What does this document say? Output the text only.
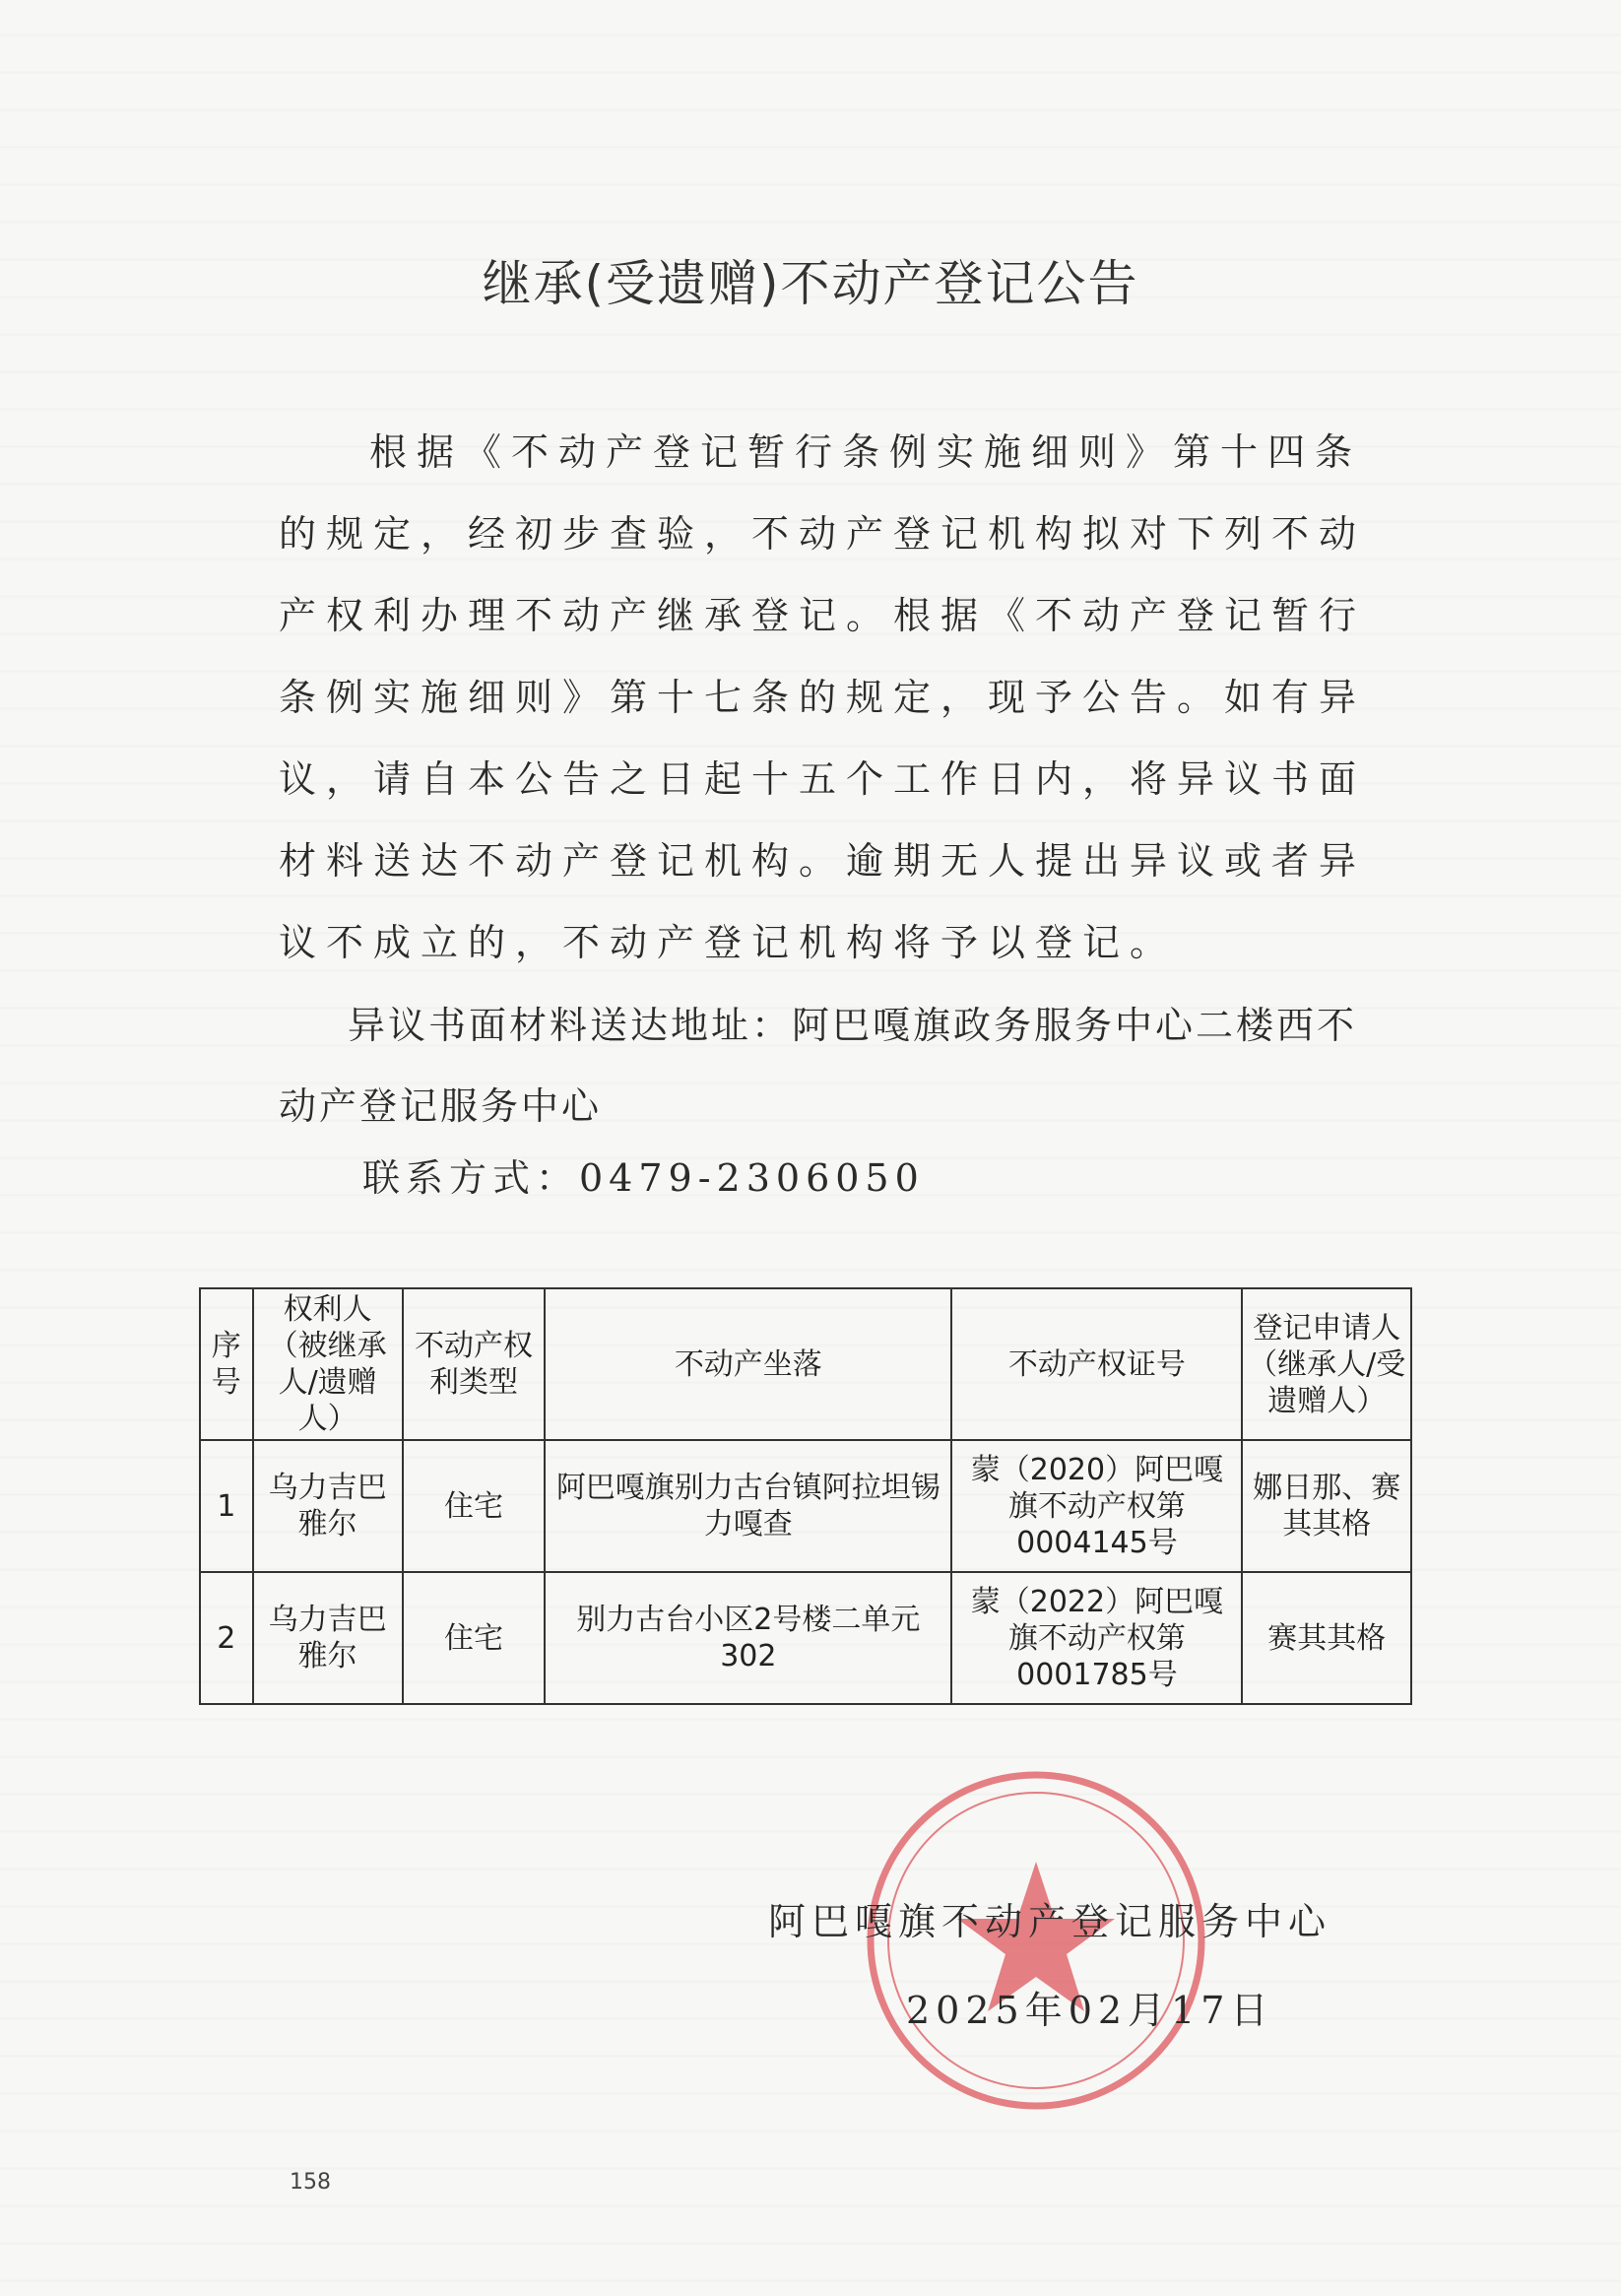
继承(受遗赠)不动产登记公告

根据《不动产登记暂行条例实施细则》第十四条的规定，经初步查验，不动产登记机构拟对下列不动产权利办理不动产继承登记。根据《不动产登记暂行条例实施细则》第十七条的规定，现予公告。如有异议，请自本公告之日起十五个工作日内，将异议书面材料送达不动产登记机构。逾期无人提出异议或者异议不成立的，不动产登记机构将予以登记。

异议书面材料送达地址：阿巴嘎旗政务服务中心二楼西不动产登记服务中心
联系方式：0479-2306050
序号	权利人（被继承人/遗赠人）	不动产权利类型	不动产坐落	不动产权证号	登记申请人（继承人/受遗赠人）
1	乌力吉巴雅尔	住宅	阿巴嘎旗别力古台镇阿拉坦锡力嘎查	蒙（2020）阿巴嘎旗不动产权第0004145号	娜日那、赛其其格
2	乌力吉巴雅尔	住宅	别力古台小区2号楼二单元302	蒙（2022）阿巴嘎旗不动产权第0001785号	赛其其格
阿巴嘎旗不动产登记服务中心
2025年02月17日
158
